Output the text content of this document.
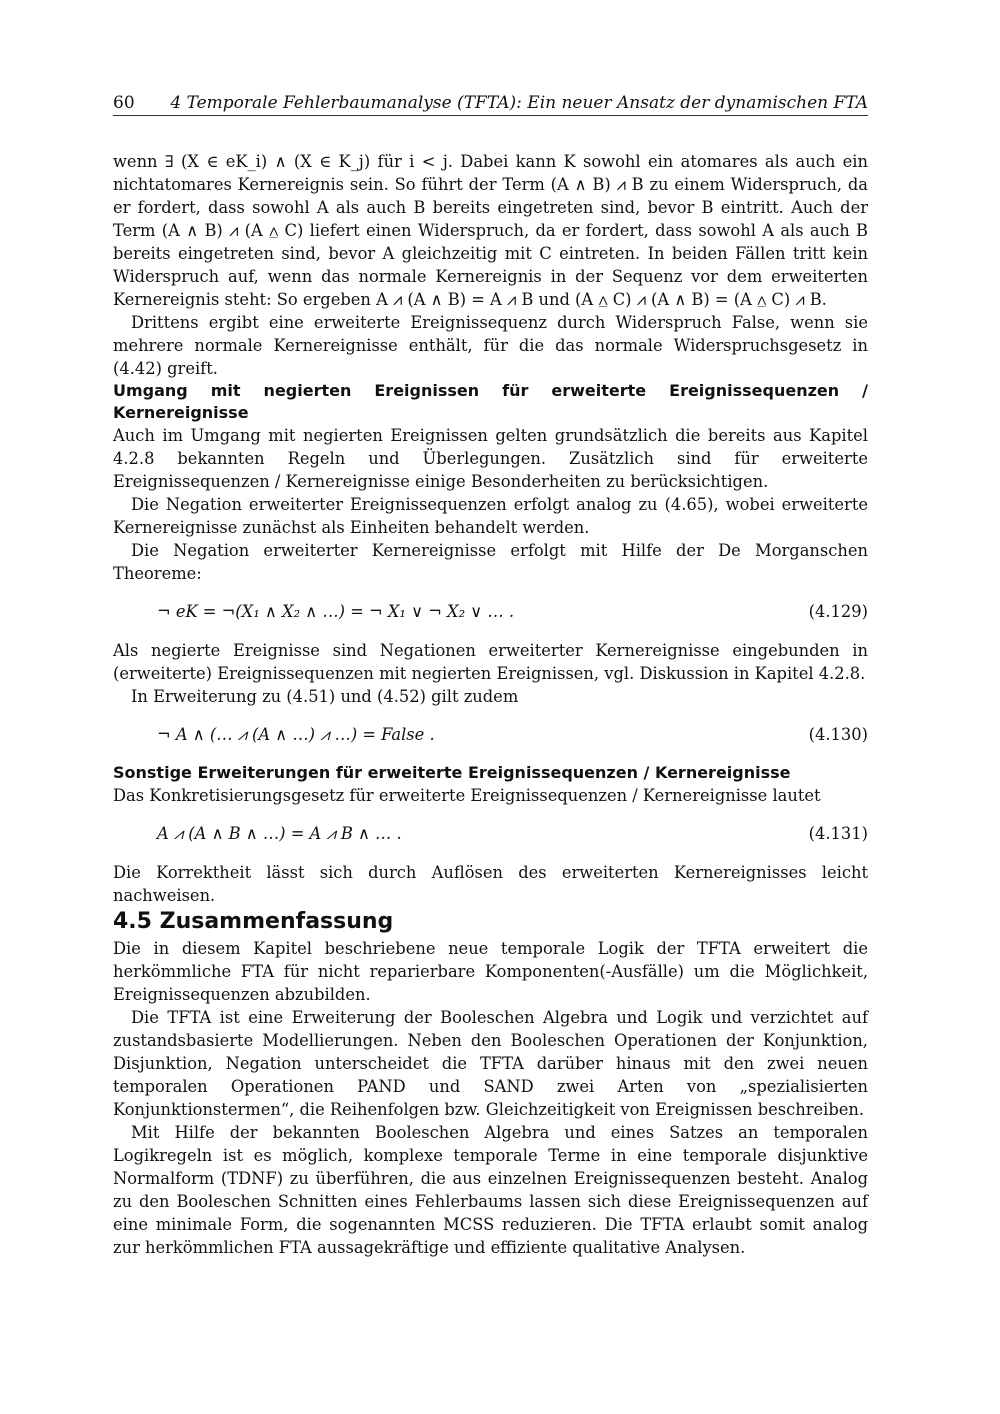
60 4 Temporale Fehlerbaumanalyse (TFTA): Ein neuer Ansatz der dynamischen FTA

wenn ∃ (X ∈ eK_i) ∧ (X ∈ K_j) für i < j. Dabei kann K sowohl ein atomares als auch ein nichtatomares Kernereignis sein. So führt der Term (A ∧ B) ⩘ B zu einem Widerspruch, da er fordert, dass sowohl A als auch B bereits eingetreten sind, bevor B eintritt. Auch der Term (A ∧ B) ⩘ (A ⩟ C) liefert einen Widerspruch, da er fordert, dass sowohl A als auch B bereits eingetreten sind, bevor A gleichzeitig mit C eintreten. In beiden Fällen tritt kein Widerspruch auf, wenn das normale Kernereignis in der Sequenz vor dem erweiterten Kernereignis steht: So ergeben A ⩘ (A ∧ B) = A ⩘ B und (A ⩟ C) ⩘ (A ∧ B) = (A ⩟ C) ⩘ B.

Drittens ergibt eine erweiterte Ereignissequenz durch Widerspruch False, wenn sie mehrere normale Kernereignisse enthält, für die das normale Widerspruchsgesetz in (4.42) greift.

Umgang mit negierten Ereignissen für erweiterte Ereignissequenzen / Kernereignisse

Auch im Umgang mit negierten Ereignissen gelten grundsätzlich die bereits aus Kapitel 4.2.8 bekannten Regeln und Überlegungen. Zusätzlich sind für erweiterte Ereignissequenzen / Kernereignisse einige Besonderheiten zu berücksichtigen.

Die Negation erweiterter Ereignissequenzen erfolgt analog zu (4.65), wobei erweiterte Kernereignisse zunächst als Einheiten behandelt werden.

Die Negation erweiterter Kernereignisse erfolgt mit Hilfe der De Morganschen Theoreme:

¬ eK = ¬(X₁ ∧ X₂ ∧ …) = ¬ X₁ ∨ ¬ X₂ ∨ … .	(4.129)

Als negierte Ereignisse sind Negationen erweiterter Kernereignisse eingebunden in (erweiterte) Ereignissequenzen mit negierten Ereignissen, vgl. Diskussion in Kapitel 4.2.8.

In Erweiterung zu (4.51) und (4.52) gilt zudem

¬ A ∧ (… ⩘ (A ∧ …) ⩘ …) = False .	(4.130)

Sonstige Erweiterungen für erweiterte Ereignissequenzen / Kernereignisse

Das Konkretisierungsgesetz für erweiterte Ereignissequenzen / Kernereignisse lautet

A ⩘ (A ∧ B ∧ …) = A ⩘ B ∧ … .	(4.131)

Die Korrektheit lässt sich durch Auflösen des erweiterten Kernereignisses leicht nachweisen.

4.5 Zusammenfassung

Die in diesem Kapitel beschriebene neue temporale Logik der TFTA erweitert die herkömmliche FTA für nicht reparierbare Komponenten(-Ausfälle) um die Möglichkeit, Ereignissequenzen abzubilden.

Die TFTA ist eine Erweiterung der Booleschen Algebra und Logik und verzichtet auf zustandsbasierte Modellierungen. Neben den Booleschen Operationen der Konjunktion, Disjunktion, Negation unterscheidet die TFTA darüber hinaus mit den zwei neuen temporalen Operationen PAND und SAND zwei Arten von „spezialisierten Konjunktionstermen“, die Reihenfolgen bzw. Gleichzeitigkeit von Ereignissen beschreiben.

Mit Hilfe der bekannten Booleschen Algebra und eines Satzes an temporalen Logikregeln ist es möglich, komplexe temporale Terme in eine temporale disjunktive Normalform (TDNF) zu überführen, die aus einzelnen Ereignissequenzen besteht. Analog zu den Booleschen Schnitten eines Fehlerbaums lassen sich diese Ereignissequenzen auf eine minimale Form, die sogenannten MCSS reduzieren. Die TFTA erlaubt somit analog zur herkömmlichen FTA aussagekräftige und effiziente qualitative Analysen.
